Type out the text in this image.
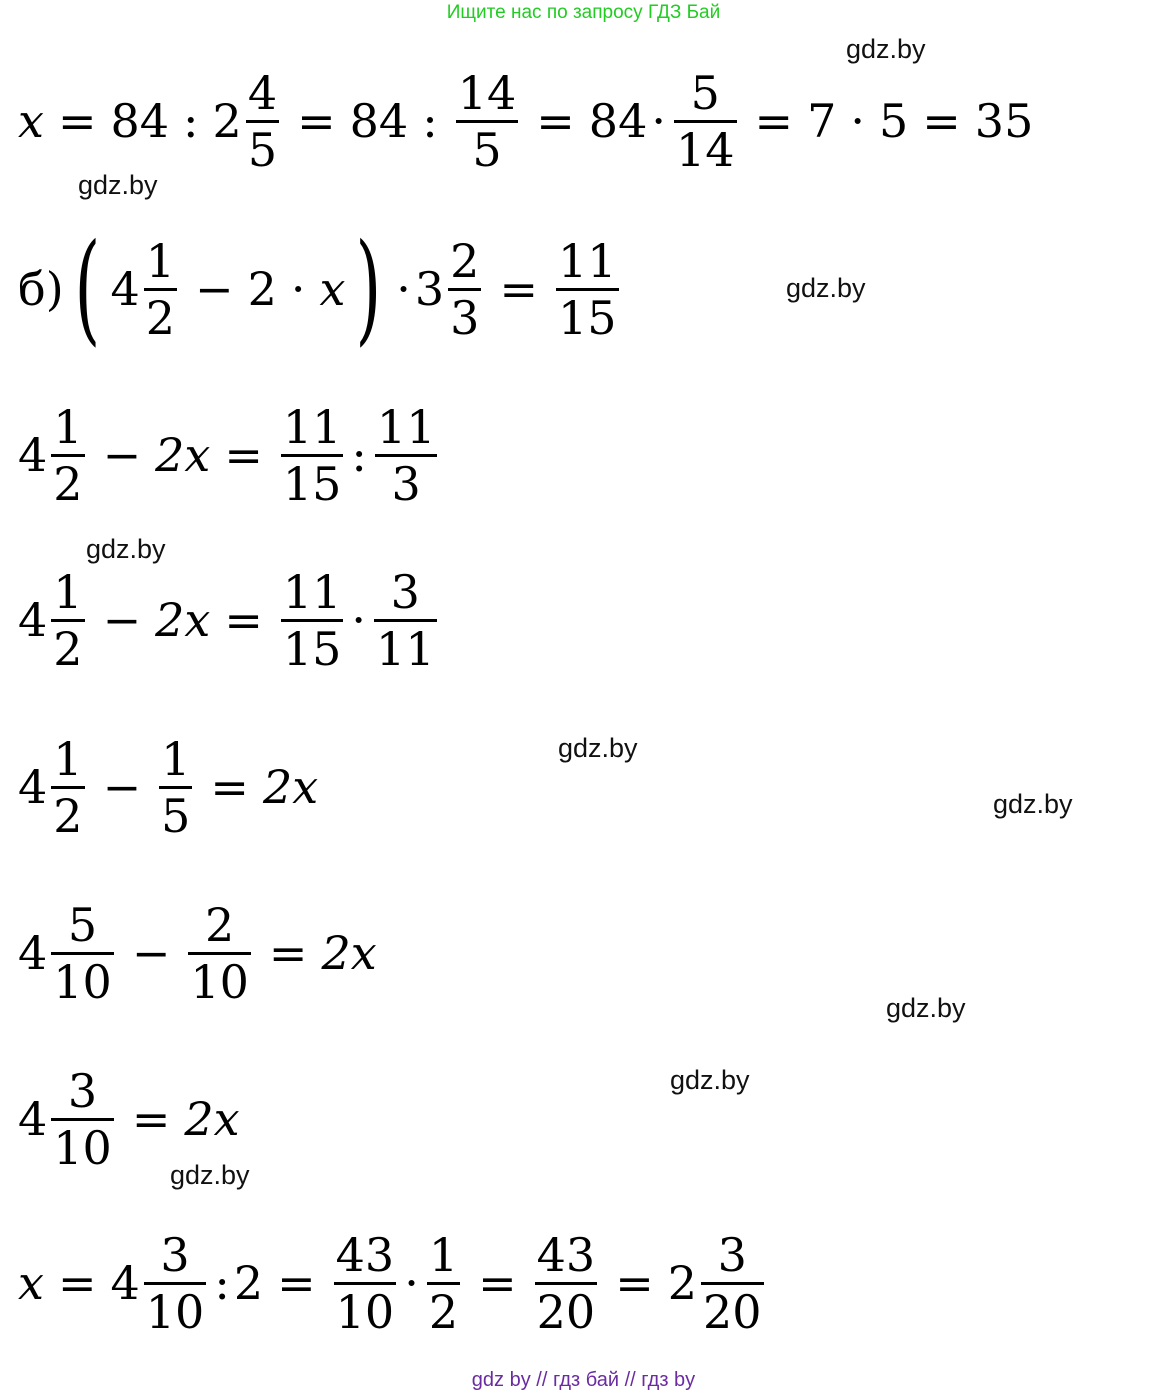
Ищите нас по запросу ГДЗ Бай
gdz.by
gdz.by
gdz.by
gdz.by
gdz.by
gdz.by
gdz.by
gdz.by
gdz.by
x = 84 : $2 \frac{4}{5} = 84$ : $\frac{14}{5} = 84 \cdot \frac{5}{14} = 7 \cdot 5 = 35$
б) ( $4 \frac{1}{2} - 2 \cdot x$ ) · $3 \frac{2}{3} = \frac{11}{15}$
$4 \frac{1}{2} - 2x = \frac{11}{15}$ : $\frac{11}{3}$
$4 \frac{1}{2} - 2x = \frac{11}{15} \cdot \frac{3}{11}$
$4 \frac{1}{2} - \frac{1}{5} = 2x$
$4 \frac{5}{10} - \frac{2}{10} = 2x$
$4 \frac{3}{10} = 2x$
$x = 4 \frac{3}{10}$ : $2 = \frac{43}{10} \cdot \frac{1}{2} = \frac{43}{20} = 2 \frac{3}{20}$
gdz by // гдз бай // гдз by
